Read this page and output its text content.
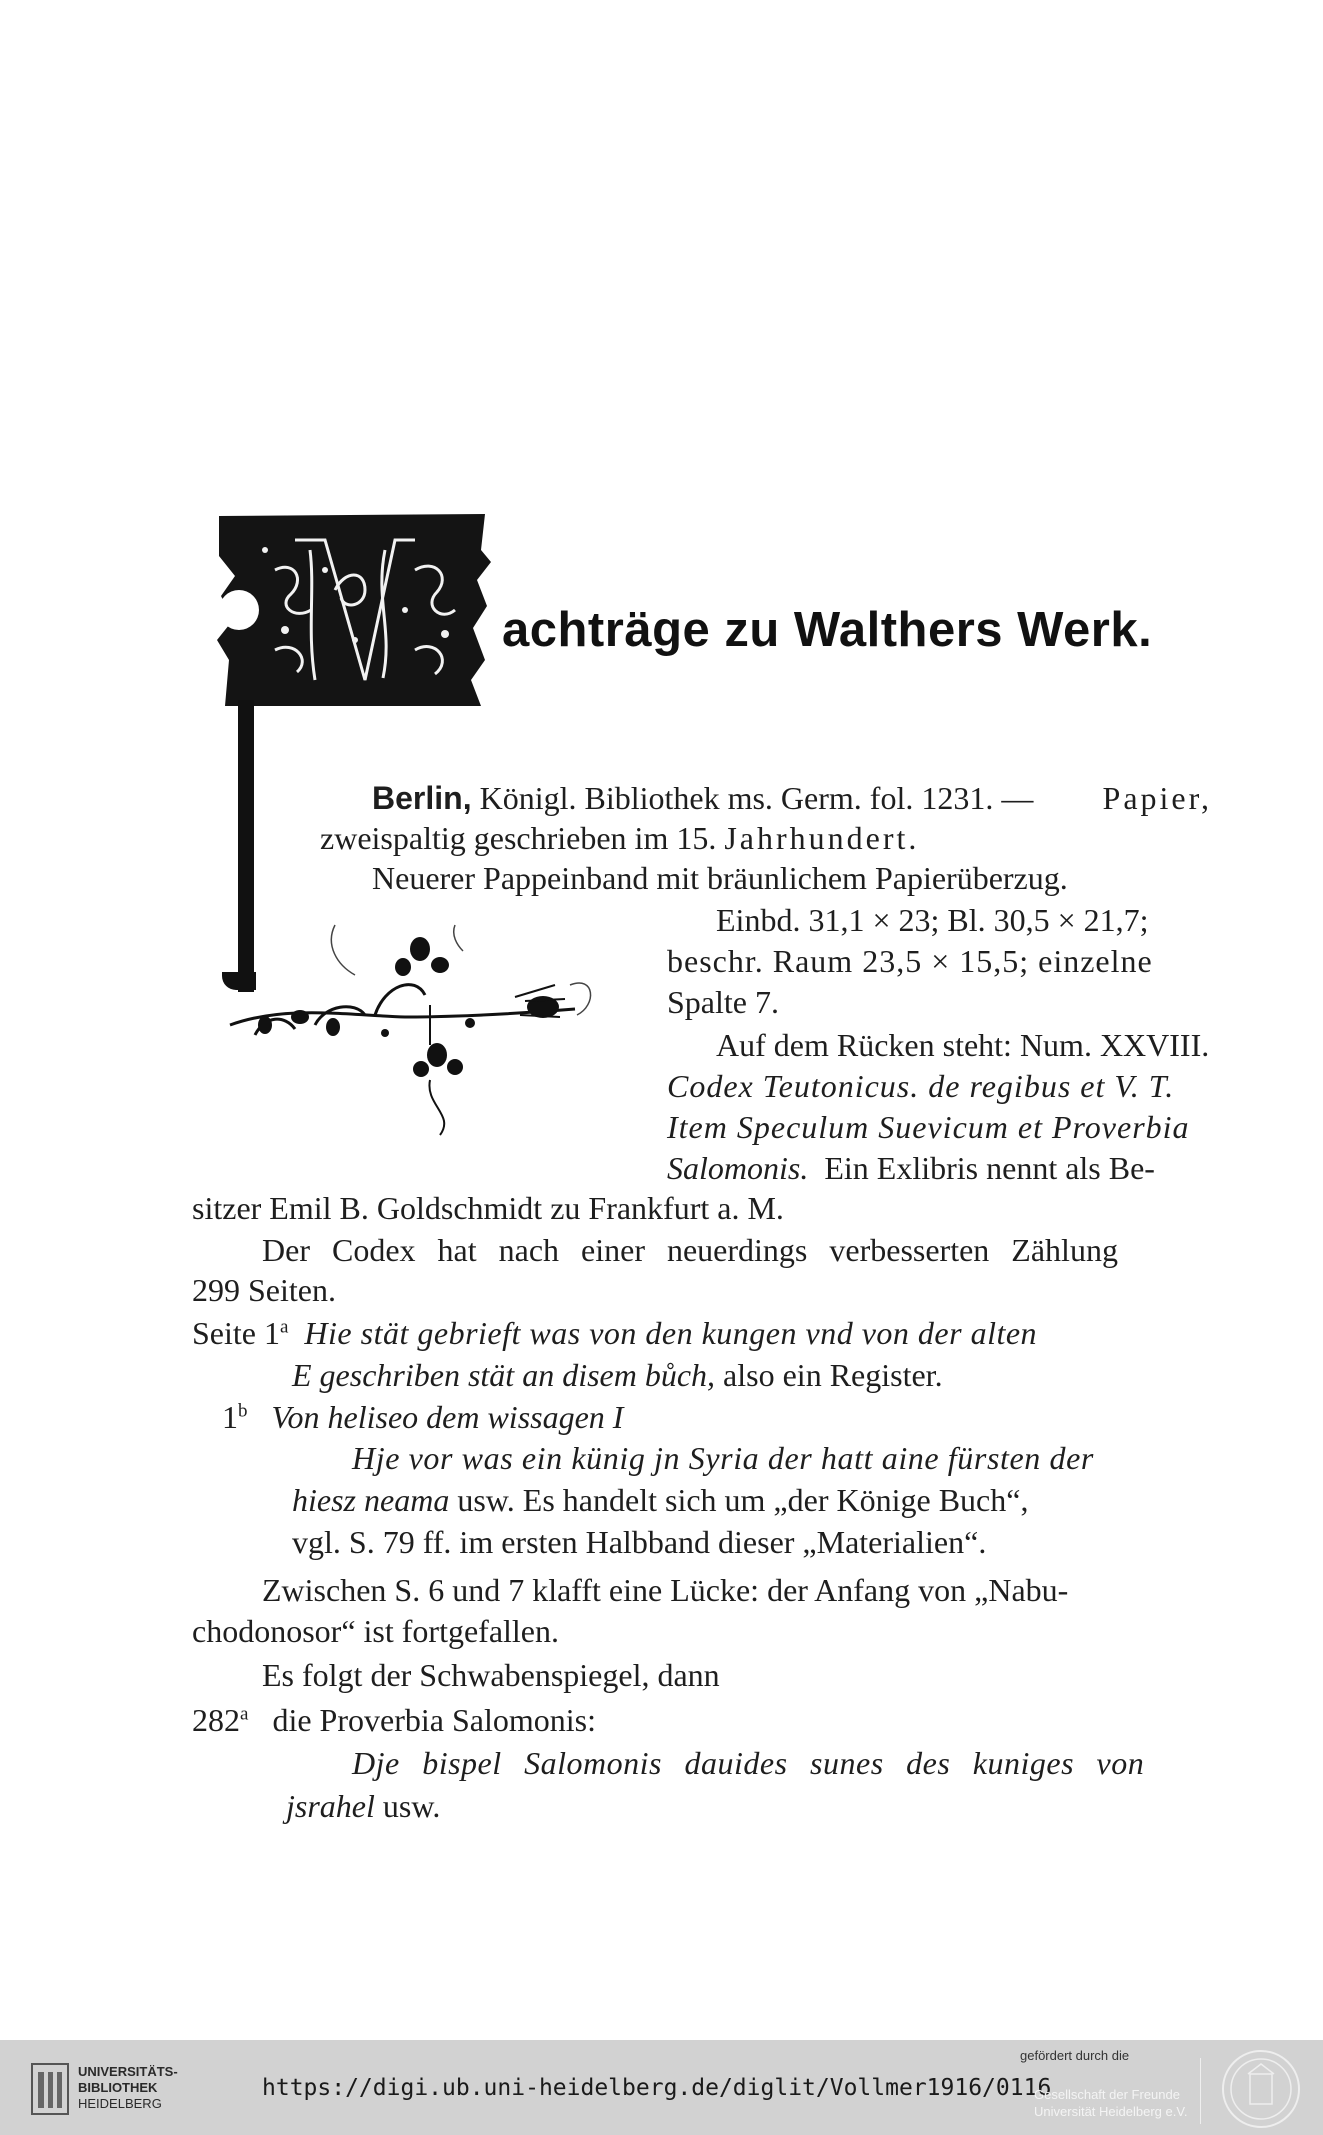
achträge zu Walthers Werk.
Berlin, Königl. Bibliothek ms. Germ. fol. 1231. — Papier,
zweispaltig geschrieben im 15. Jahrhundert.
Neuerer Pappeinband mit bräunlichem Papierüberzug.
Einbd. 31,1 × 23; Bl. 30,5 × 21,7;
beschr. Raum 23,5 × 15,5; einzelne
Spalte 7.
Auf dem Rücken steht: Num. XXVIII.
Codex Teutonicus. de regibus et V. T.
Item Speculum Suevicum et Proverbia
Salomonis. Ein Exlibris nennt als Be-
sitzer Emil B. Goldschmidt zu Frankfurt a. M.
Der Codex hat nach einer neuerdings verbesserten Zählung
299 Seiten.
Seite 1$^a$ Hie stät gebrieft was von den kungen vnd von der alten
E geschriben stät an disem bůch, also ein Register.
1$^b$ Von heliseo dem wissagen I
Hje vor was ein künig jn Syria der hatt aine fürsten der
hiesz neama usw. Es handelt sich um „der Könige Buch“,
vgl. S. 79 ff. im ersten Halbband dieser „Materialien“.
Zwischen S. 6 und 7 klafft eine Lücke: der Anfang von „Nabu-
chodonosor“ ist fortgefallen.
Es folgt der Schwabenspiegel, dann
282$^a$ die Proverbia Salomonis:
Dje bispel Salomonis dauides sunes des kuniges von
jsrahel usw.
UNIVERSITÄTS-
BIBLIOTHEK
HEIDELBERG
https://digi.ub.uni-heidelberg.de/diglit/Vollmer1916/0116
gefördert durch die
Gesellschaft der Freunde
Universität Heidelberg e.V.
